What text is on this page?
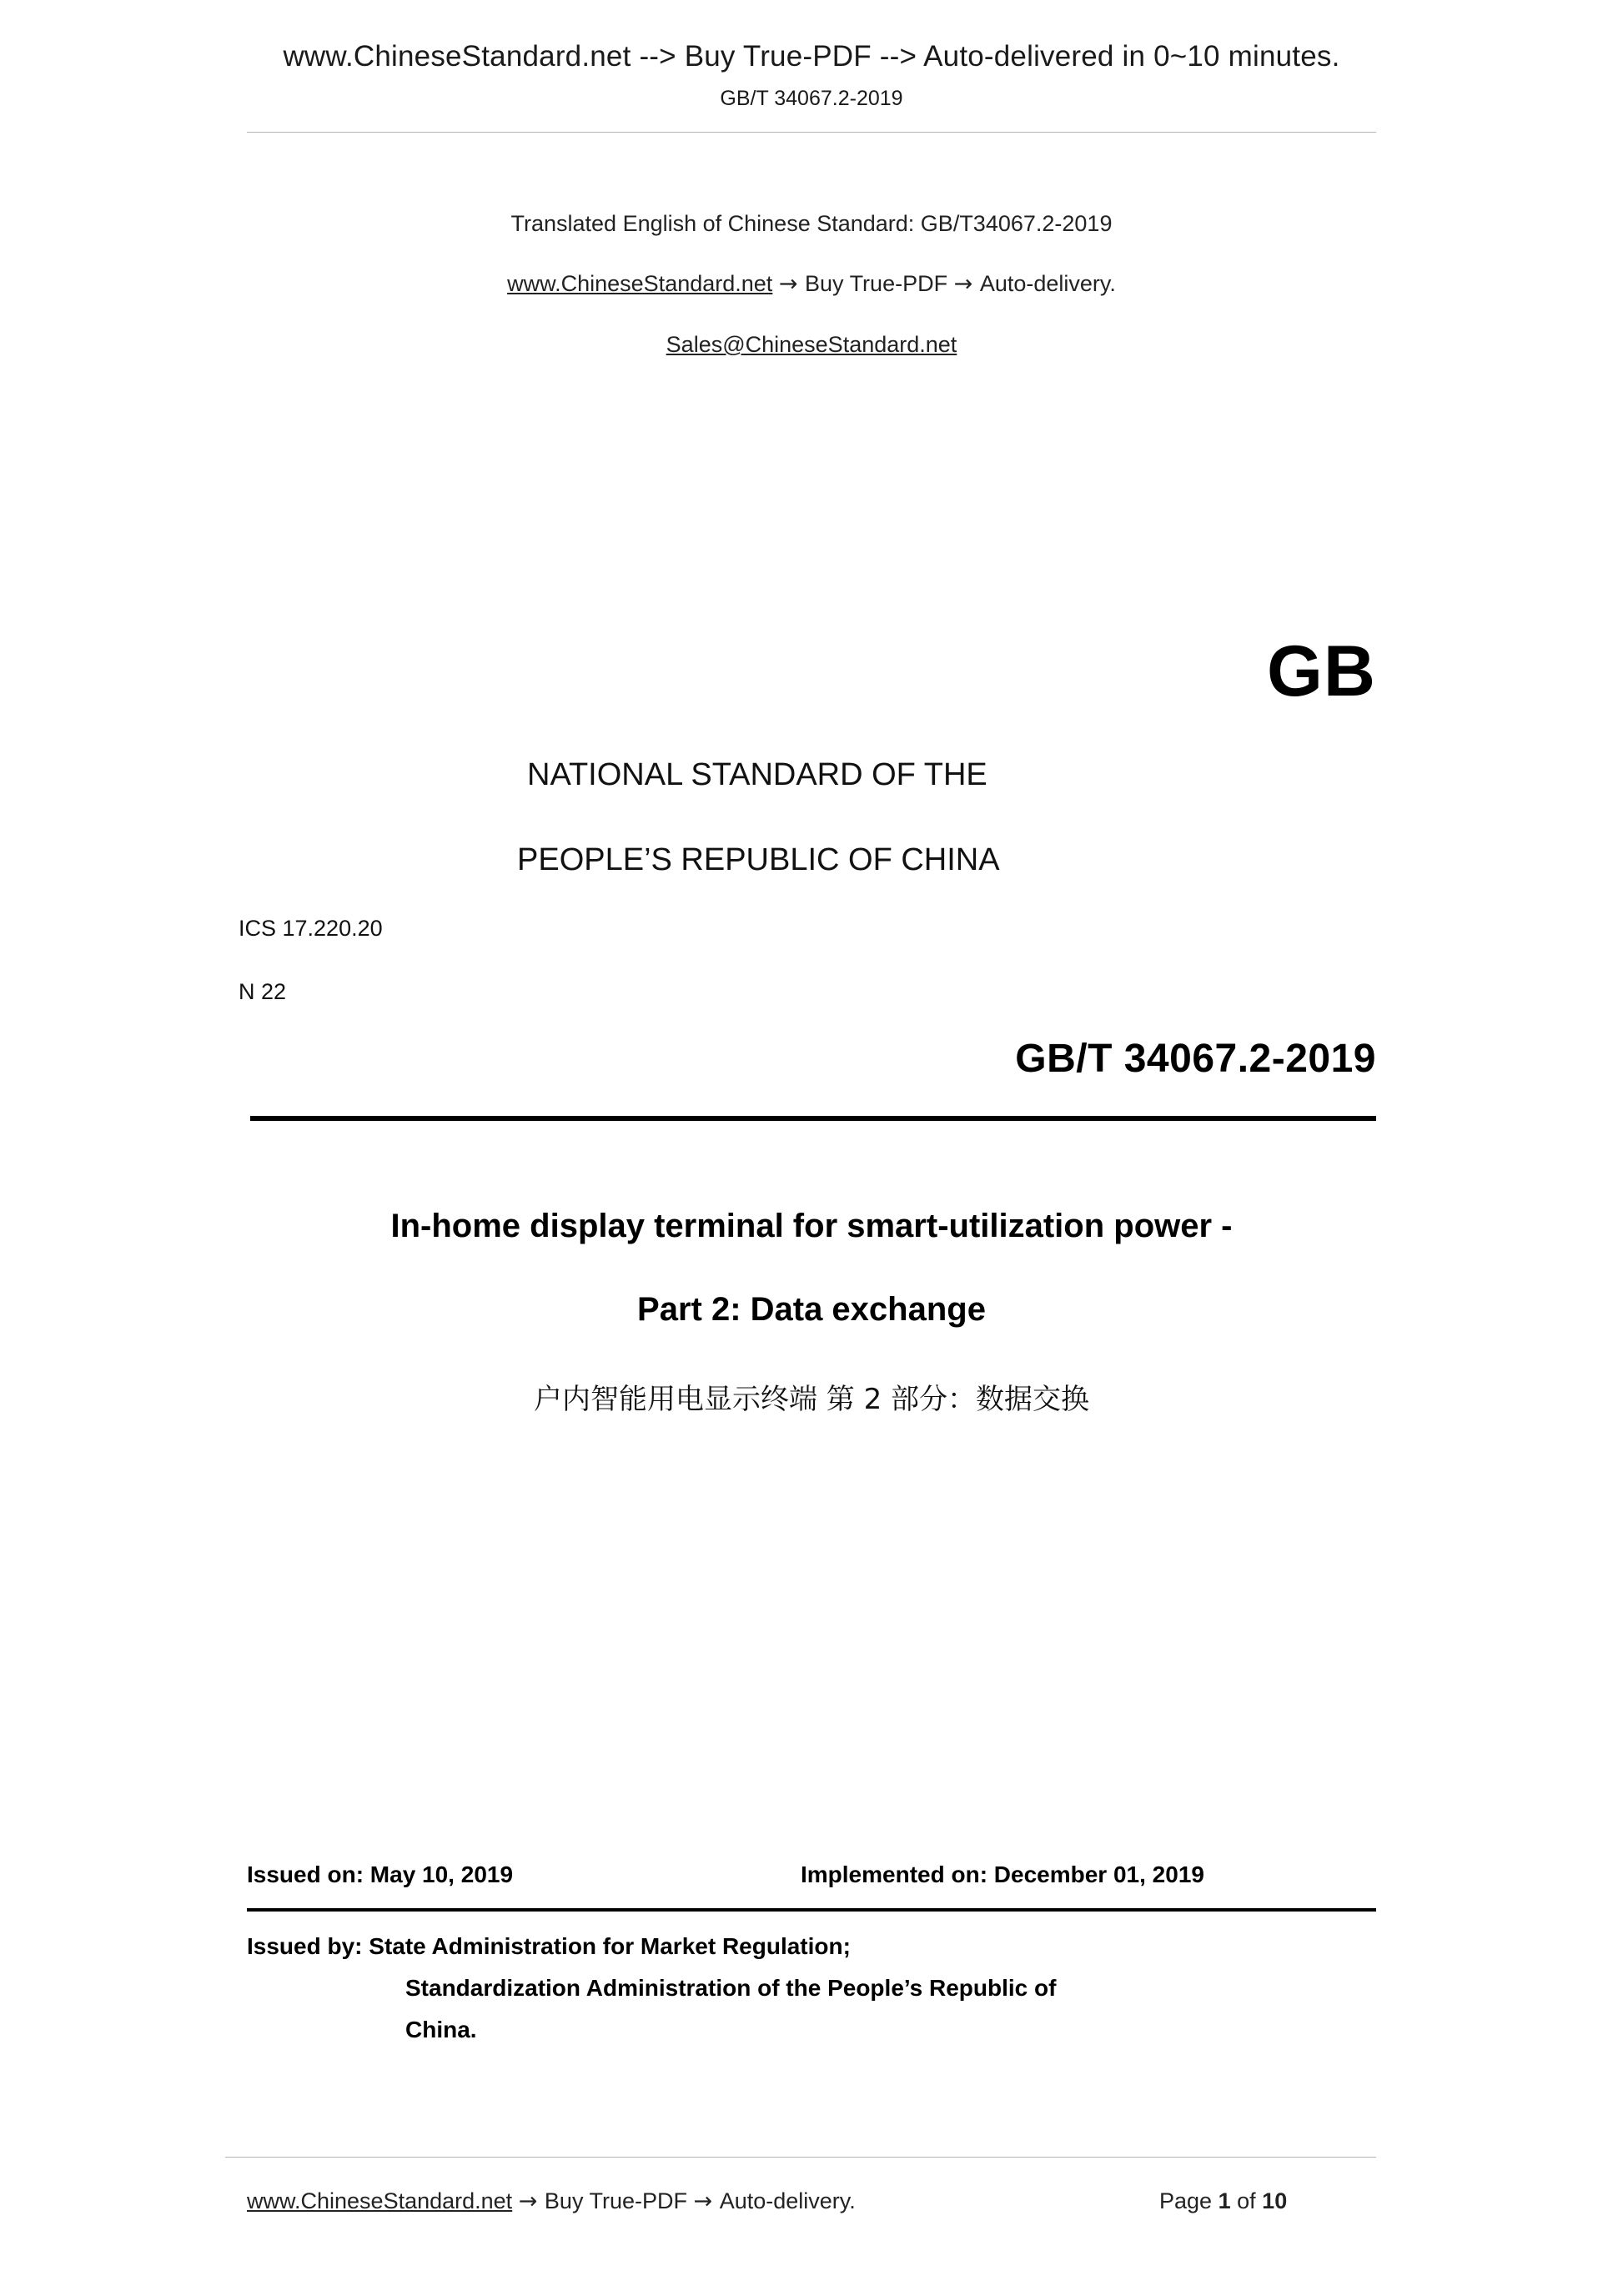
www.ChineseStandard.net --> Buy True-PDF --> Auto-delivered in 0~10 minutes.
GB/T 34067.2-2019
Translated English of Chinese Standard: GB/T34067.2-2019
www.ChineseStandard.net → Buy True-PDF → Auto-delivery.
Sales@ChineseStandard.net
GB
NATIONAL STANDARD OF THE
PEOPLE’S REPUBLIC OF CHINA
ICS 17.220.20
N 22
GB/T 34067.2-2019
In-home display terminal for smart-utilization power -
Part 2: Data exchange
户内智能用电显示终端 第 2 部分：数据交换
Issued on: May 10, 2019	Implemented on: December 01, 2019
Issued by: State Administration for Market Regulation;
Standardization Administration of the People’s Republic of
China.
www.ChineseStandard.net → Buy True-PDF → Auto-delivery.	Page 1 of 10
